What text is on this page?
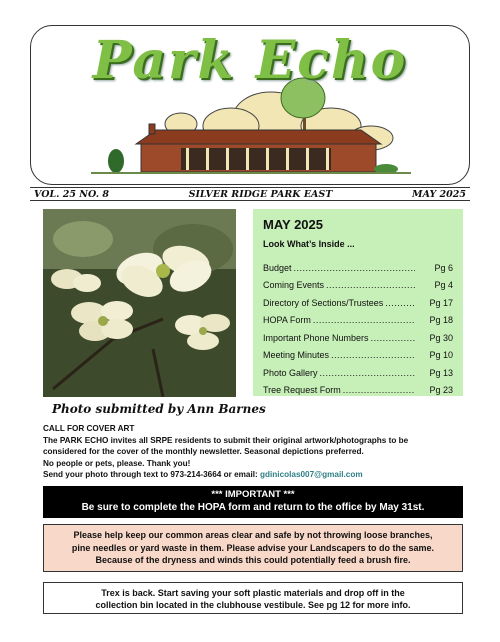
Park Echo
VOL. 25 NO. 8	SILVER RIDGE PARK EAST	MAY 2025
Photo submitted by Ann Barnes
MAY 2025
Look What’s Inside ...
Budget .....	Pg 6
Coming Events .....	Pg 4
Directory of Sections/Trustees .....	Pg 17
HOPA Form .....	Pg 18
Important Phone Numbers .....	Pg 30
Meeting Minutes .....	Pg 10
Photo Gallery .....	Pg 13
Tree Request Form .....	Pg 23
CALL FOR COVER ART
The PARK ECHO invites all SRPE residents to submit their original artwork/photographs to be
considered for the cover of the monthly newsletter. Seasonal depictions preferred.
No people or pets, please. Thank you!
Send your photo through text to 973-214-3664 or email: gdinicolas007@gmail.com
*** IMPORTANT ***
Be sure to complete the HOPA form and return to the office by May 31st.
Please help keep our common areas clear and safe by not throwing loose branches,
pine needles or yard waste in them. Please advise your Landscapers to do the same.
Because of the dryness and winds this could potentially feed a brush fire.
Trex is back. Start saving your soft plastic materials and drop off in the
collection bin located in the clubhouse vestibule. See pg 12 for more info.
